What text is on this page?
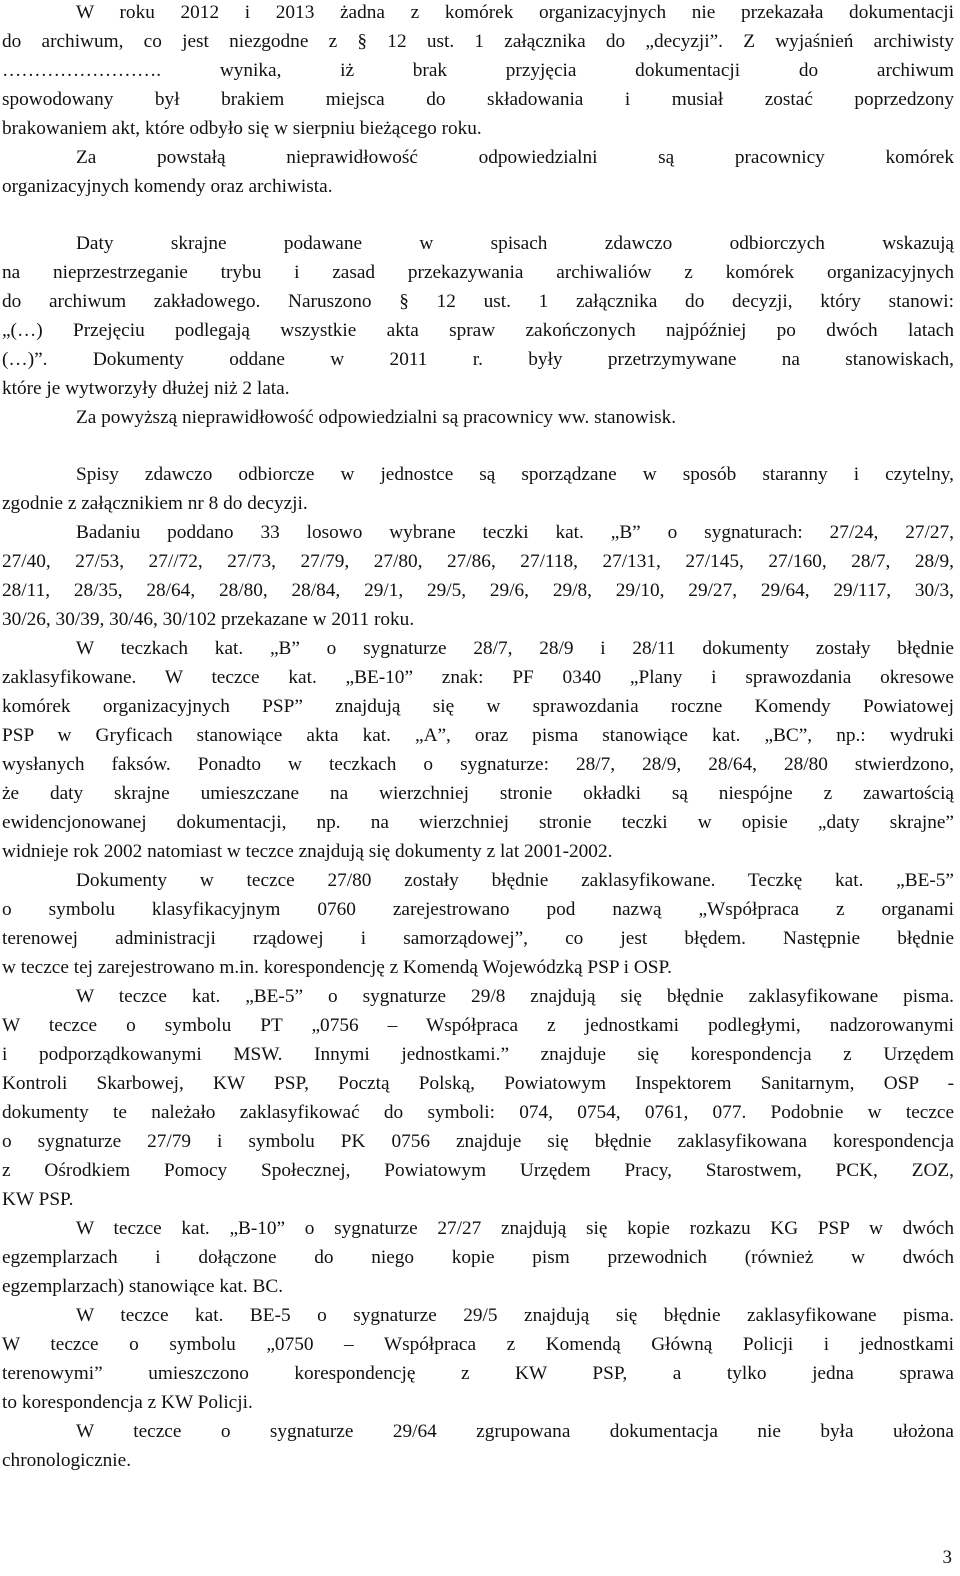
W roku 2012 i 2013 żadna z komórek organizacyjnych nie przekazała dokumentacji
do archiwum, co jest niezgodne z § 12 ust. 1 załącznika do „decyzji”. Z wyjaśnień archiwisty
……………………. wynika, iż brak przyjęcia dokumentacji do archiwum
spowodowany był brakiem miejsca do składowania i musiał zostać poprzedzony
brakowaniem akt, które odbyło się w sierpniu bieżącego roku.
Za powstałą nieprawidłowość odpowiedzialni są pracownicy komórek
organizacyjnych komendy oraz archiwista.
Daty skrajne podawane w spisach zdawczo odbiorczych wskazują
na nieprzestrzeganie trybu i zasad przekazywania archiwaliów z komórek organizacyjnych
do archiwum zakładowego. Naruszono § 12 ust. 1 załącznika do decyzji, który stanowi:
„(…) Przejęciu podlegają wszystkie akta spraw zakończonych najpóźniej po dwóch latach
(…)”. Dokumenty oddane w 2011 r. były przetrzymywane na stanowiskach,
które je wytworzyły dłużej niż 2 lata.
Za powyższą nieprawidłowość odpowiedzialni są pracownicy ww. stanowisk.
Spisy zdawczo odbiorcze w jednostce są sporządzane w sposób staranny i czytelny,
zgodnie z załącznikiem nr 8 do decyzji.
Badaniu poddano 33 losowo wybrane teczki kat. „B” o sygnaturach: 27/24, 27/27,
27/40, 27/53, 27//72, 27/73, 27/79, 27/80, 27/86, 27/118, 27/131, 27/145, 27/160, 28/7, 28/9,
28/11, 28/35, 28/64, 28/80, 28/84, 29/1, 29/5, 29/6, 29/8, 29/10, 29/27, 29/64, 29/117, 30/3,
30/26, 30/39, 30/46, 30/102 przekazane w 2011 roku.
W teczkach kat. „B” o sygnaturze 28/7, 28/9 i 28/11 dokumenty zostały błędnie
zaklasyfikowane. W teczce kat. „BE-10” znak: PF 0340 „Plany i sprawozdania okresowe
komórek organizacyjnych PSP” znajdują się w sprawozdania roczne Komendy Powiatowej
PSP w Gryficach stanowiące akta kat. „A”, oraz pisma stanowiące kat. „BC”, np.: wydruki
wysłanych faksów. Ponadto w teczkach o sygnaturze: 28/7, 28/9, 28/64, 28/80 stwierdzono,
że daty skrajne umieszczane na wierzchniej stronie okładki są niespójne z zawartością
ewidencjonowanej dokumentacji, np. na wierzchniej stronie teczki w opisie „daty skrajne”
widnieje rok 2002 natomiast w teczce znajdują się dokumenty z lat 2001-2002.
Dokumenty w teczce 27/80 zostały błędnie zaklasyfikowane. Teczkę kat. „BE-5”
o symbolu klasyfikacyjnym 0760 zarejestrowano pod nazwą „Współpraca z organami
terenowej administracji rządowej i samorządowej”, co jest błędem. Następnie błędnie
w teczce tej zarejestrowano m.in. korespondencję z Komendą Wojewódzką PSP i OSP.
W teczce kat. „BE-5” o sygnaturze 29/8 znajdują się błędnie zaklasyfikowane pisma.
W teczce o symbolu PT „0756 – Współpraca z jednostkami podległymi, nadzorowanymi
i podporządkowanymi MSW. Innymi jednostkami.” znajduje się korespondencja z Urzędem
Kontroli Skarbowej, KW PSP, Pocztą Polską, Powiatowym Inspektorem Sanitarnym, OSP -
dokumenty te należało zaklasyfikować do symboli: 074, 0754, 0761, 077. Podobnie w teczce
o sygnaturze 27/79 i symbolu PK 0756 znajduje się błędnie zaklasyfikowana korespondencja
z Ośrodkiem Pomocy Społecznej, Powiatowym Urzędem Pracy, Starostwem, PCK, ZOZ,
KW PSP.
W teczce kat. „B-10” o sygnaturze 27/27 znajdują się kopie rozkazu KG PSP w dwóch
egzemplarzach i dołączone do niego kopie pism przewodnich (również w dwóch
egzemplarzach) stanowiące kat. BC.
W teczce kat. BE-5 o sygnaturze 29/5 znajdują się błędnie zaklasyfikowane pisma.
W teczce o symbolu „0750 – Współpraca z Komendą Główną Policji i jednostkami
terenowymi” umieszczono korespondencję z KW PSP, a tylko jedna sprawa
to korespondencja z KW Policji.
W teczce o sygnaturze 29/64 zgrupowana dokumentacja nie była ułożona
chronologicznie.
3
